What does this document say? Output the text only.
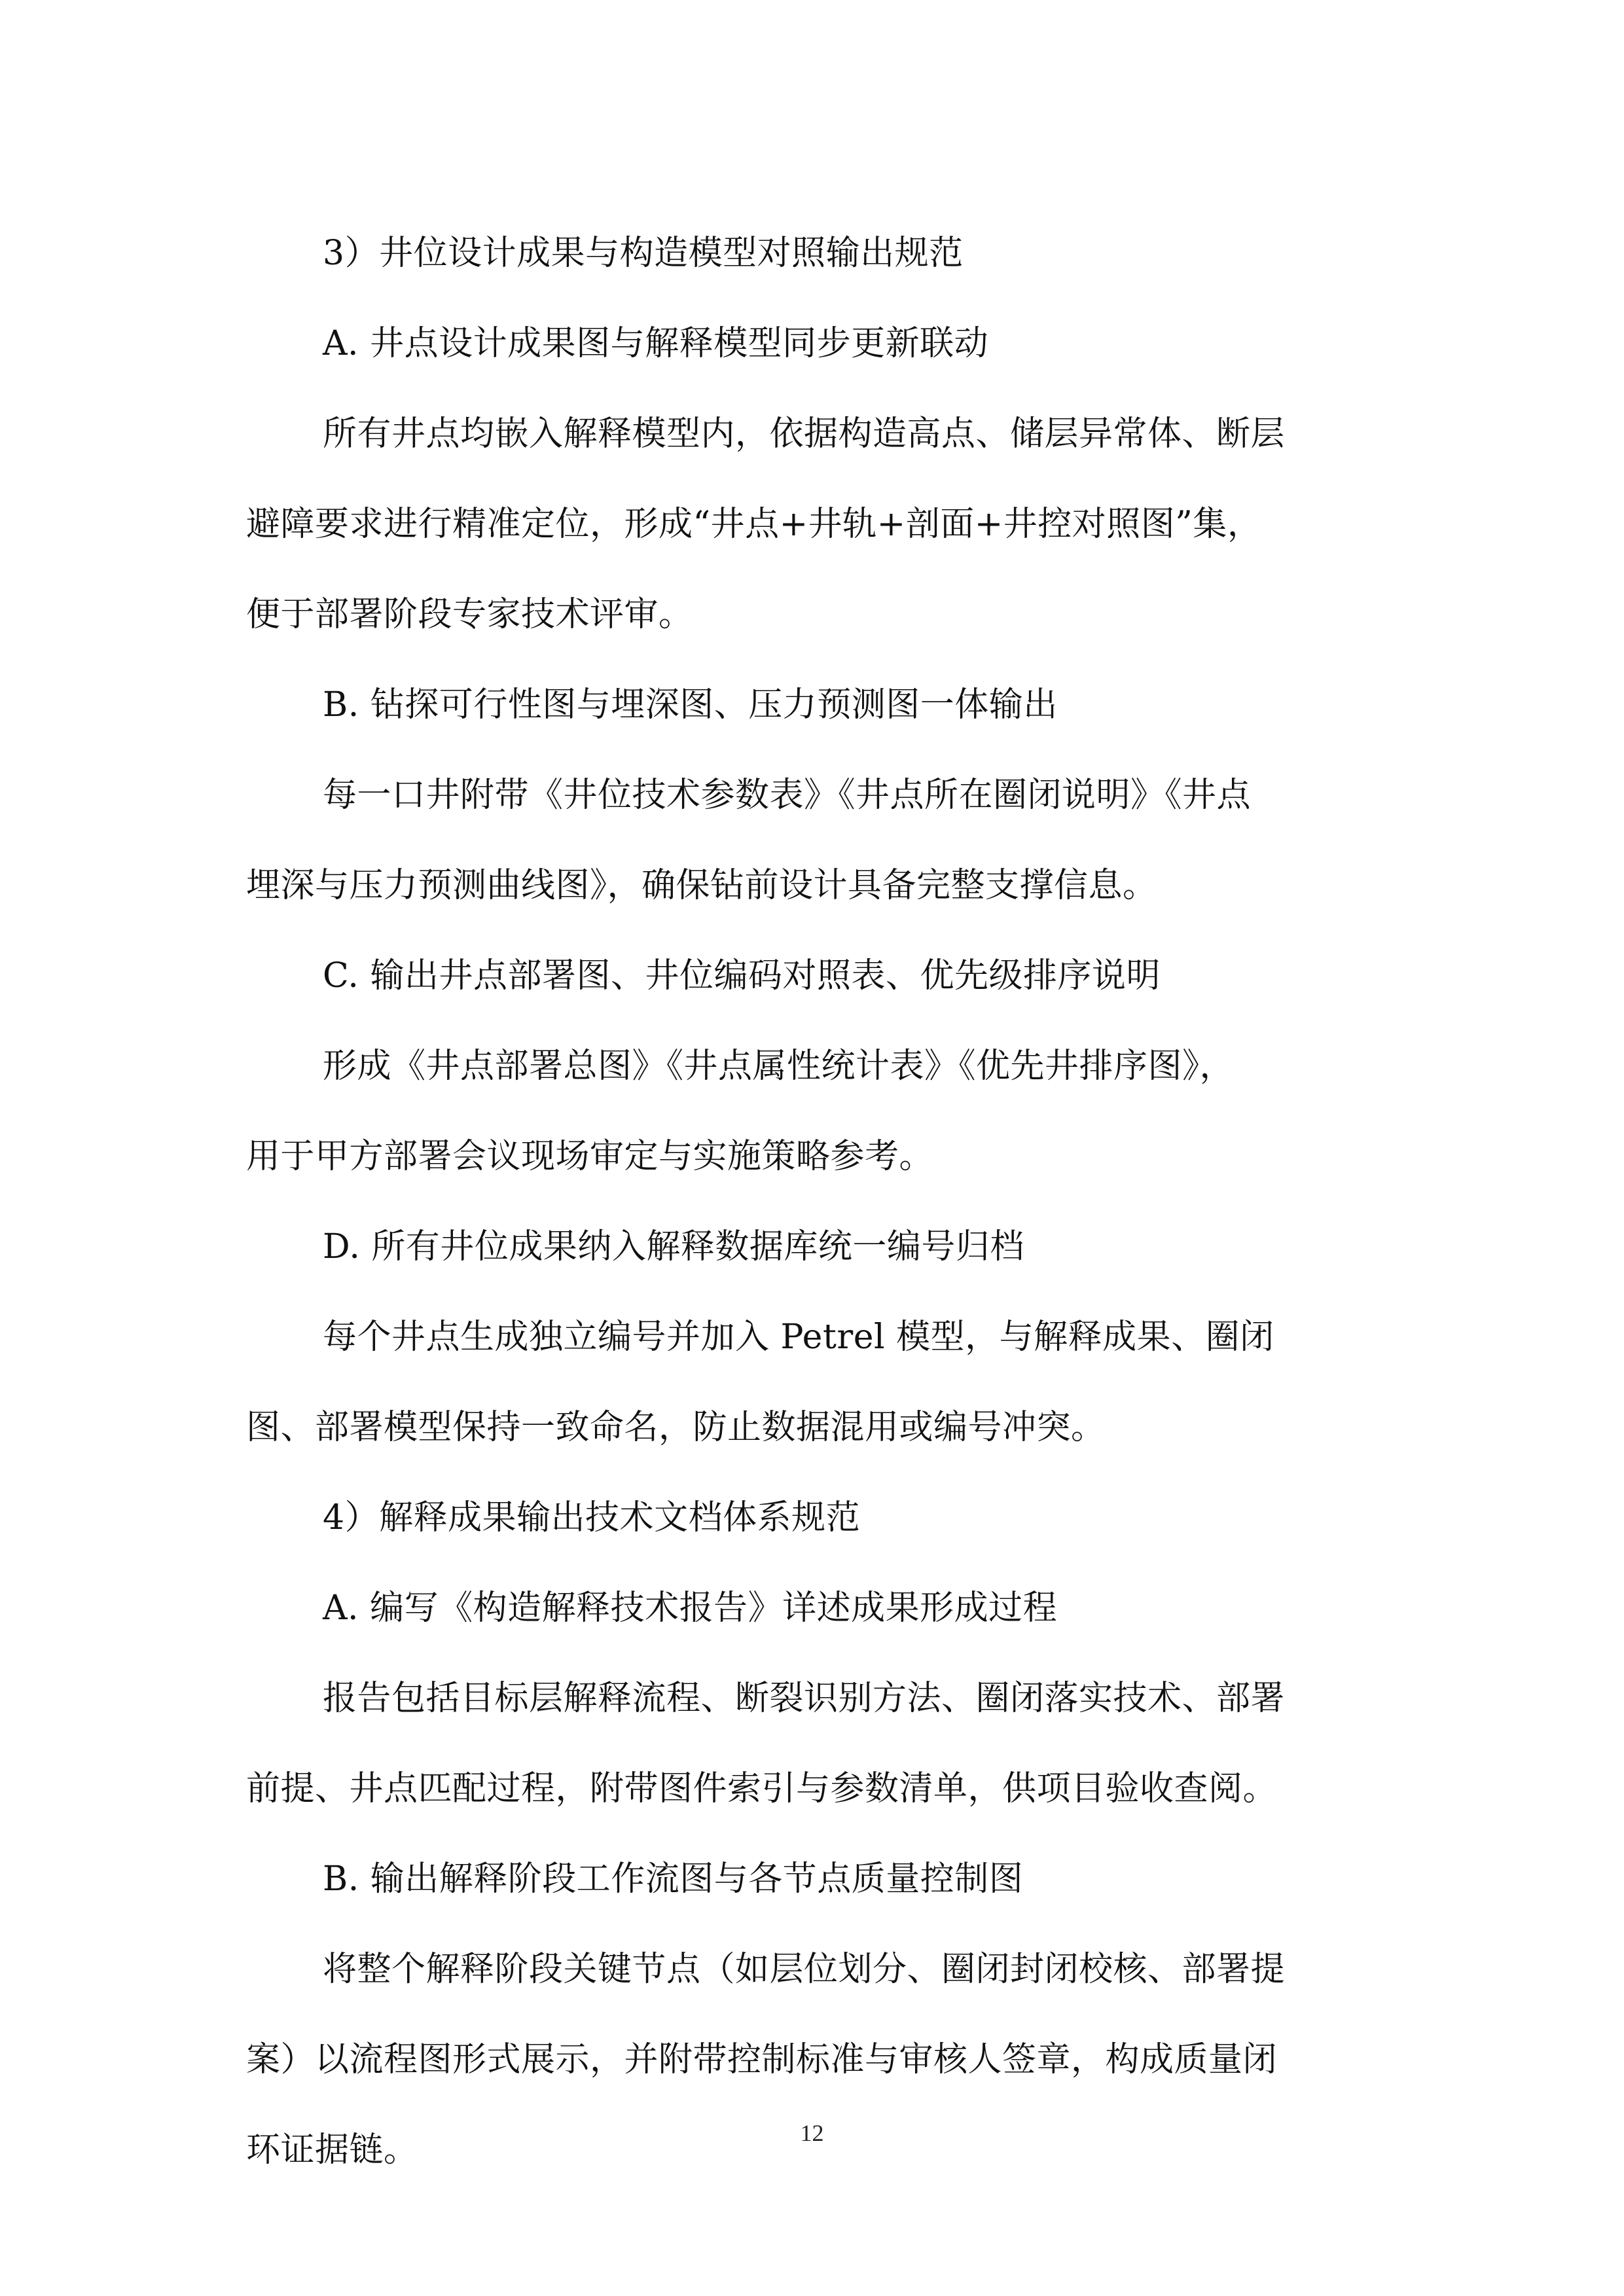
3）井位设计成果与构造模型对照输出规范
A. 井点设计成果图与解释模型同步更新联动
所有井点均嵌入解释模型内，依据构造高点、储层异常体、断层
避障要求进行精准定位，形成“井点+井轨+剖面+井控对照图”集，
便于部署阶段专家技术评审。
B. 钻探可行性图与埋深图、压力预测图一体输出
每一口井附带《井位技术参数表》《井点所在圈闭说明》《井点
埋深与压力预测曲线图》，确保钻前设计具备完整支撑信息。
C. 输出井点部署图、井位编码对照表、优先级排序说明
形成《井点部署总图》《井点属性统计表》《优先井排序图》，
用于甲方部署会议现场审定与实施策略参考。
D. 所有井位成果纳入解释数据库统一编号归档
每个井点生成独立编号并加入 Petrel 模型，与解释成果、圈闭
图、部署模型保持一致命名，防止数据混用或编号冲突。
4）解释成果输出技术文档体系规范
A. 编写《构造解释技术报告》详述成果形成过程
报告包括目标层解释流程、断裂识别方法、圈闭落实技术、部署
前提、井点匹配过程，附带图件索引与参数清单，供项目验收查阅。
B. 输出解释阶段工作流图与各节点质量控制图
将整个解释阶段关键节点（如层位划分、圈闭封闭校核、部署提
案）以流程图形式展示，并附带控制标准与审核人签章，构成质量闭
环证据链。	12
